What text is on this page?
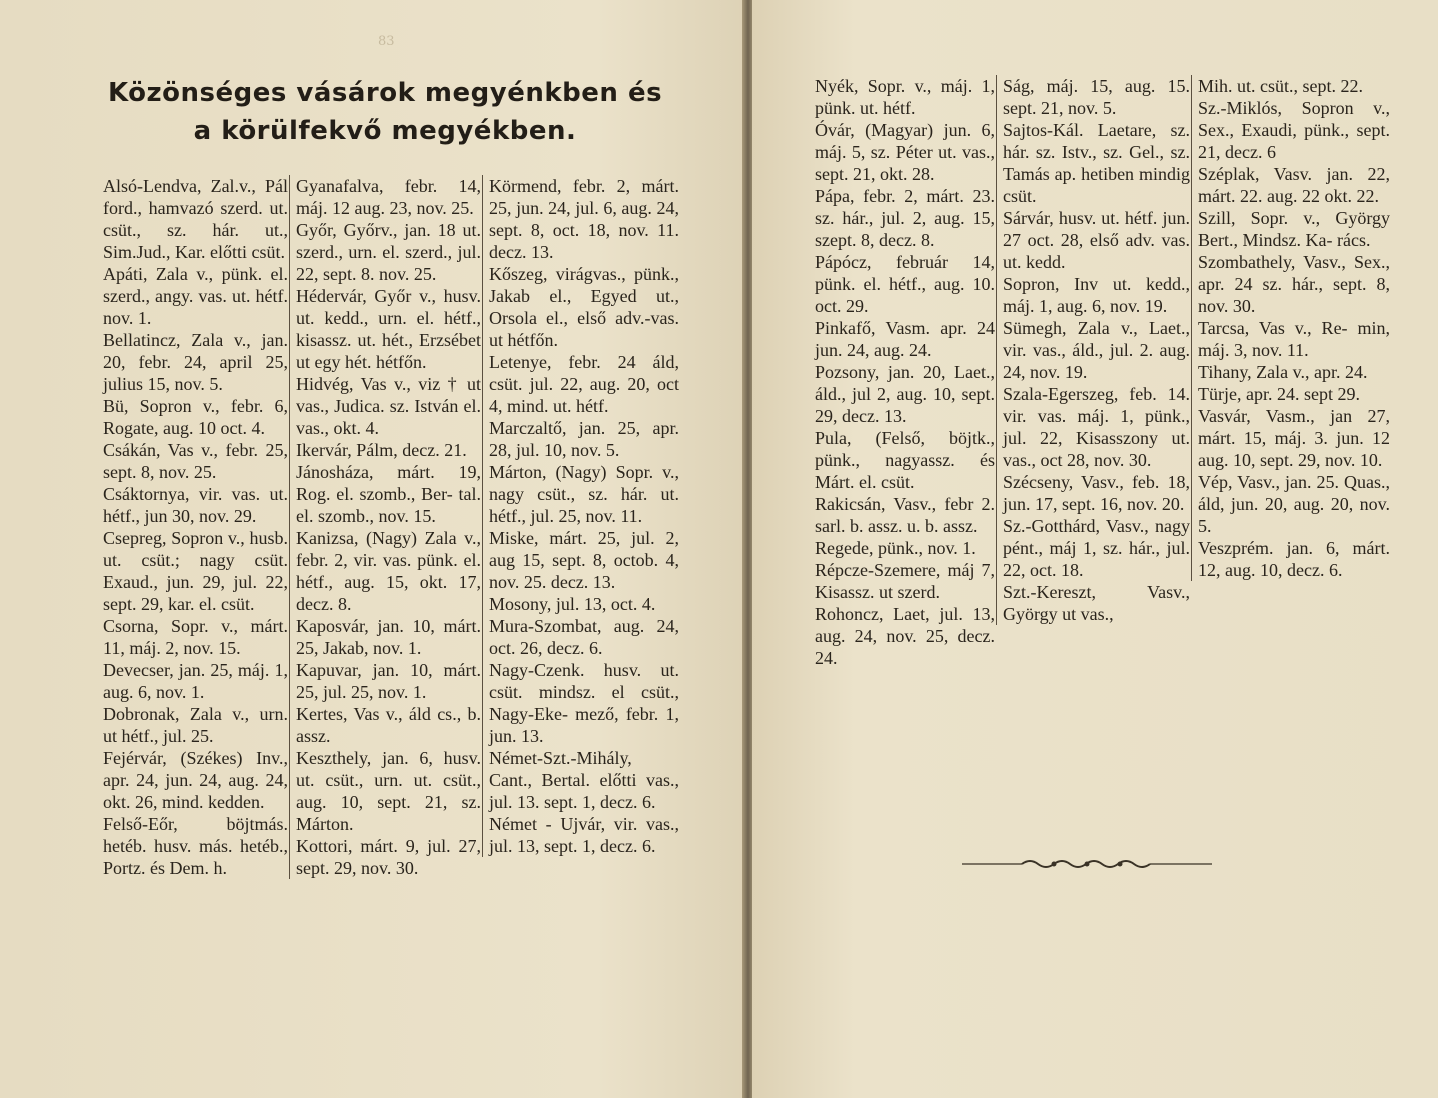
83
Közönséges vásárok megyénkben és a körülfekvő megyékben.

Alsó-Lendva, Zal.v., Pál ford., hamvazó szerd. ut. csüt., sz. hár. ut., Sim.Jud., Kar. előtti csüt.

Apáti, Zala v., pünk. el. szerd., angy. vas. ut. hétf. nov. 1.

Bellatincz, Zala v., jan. 20, febr. 24, april 25, julius 15, nov. 5.

Bü, Sopron v., febr. 6, Rogate, aug. 10 oct. 4.

Csákán, Vas v., febr. 25, sept. 8, nov. 25.

Csáktornya, vir. vas. ut. hétf., jun 30, nov. 29.

Csepreg, Sopron v., husb. ut. csüt.; nagy csüt. Exaud., jun. 29, jul. 22, sept. 29, kar. el. csüt.

Csorna, Sopr. v., márt. 11, máj. 2, nov. 15.

Devecser, jan. 25, máj. 1, aug. 6, nov. 1.

Dobronak, Zala v., urn. ut hétf., jul. 25.

Fejérvár, (Székes) Inv., apr. 24, jun. 24, aug. 24, okt. 26, mind. kedden.

Felső-Eőr, böjtmás. hetéb. husv. más. hetéb., Portz. és Dem. h.

Gyanafalva, febr. 14, máj. 12 aug. 23, nov. 25.

Győr, Győrv., jan. 18 ut. szerd., urn. el. szerd., jul. 22, sept. 8. nov. 25.

Hédervár, Győr v., husv. ut. kedd., urn. el. hétf., kisassz. ut. hét., Erzsébet ut egy hét. hétfőn.

Hidvég, Vas v., viz † ut vas., Judica. sz. István el. vas., okt. 4.

Ikervár, Pálm, decz. 21.

Jánosháza, márt. 19, Rog. el. szomb., Ber- tal. el. szomb., nov. 15.

Kanizsa, (Nagy) Zala v., febr. 2, vir. vas. pünk. el. hétf., aug. 15, okt. 17, decz. 8.

Kaposvár, jan. 10, márt. 25, Jakab, nov. 1.

Kapuvar, jan. 10, márt. 25, jul. 25, nov. 1.

Kertes, Vas v., áld cs., b. assz.

Keszthely, jan. 6, husv. ut. csüt., urn. ut. csüt., aug. 10, sept. 21, sz. Márton.

Kottori, márt. 9, jul. 27, sept. 29, nov. 30.

Körmend, febr. 2, márt. 25, jun. 24, jul. 6, aug. 24, sept. 8, oct. 18, nov. 11. decz. 13.

Kőszeg, virágvas., pünk., Jakab el., Egyed ut., Orsola el., első adv.-vas. ut hétfőn.

Letenye, febr. 24 áld, csüt. jul. 22, aug. 20, oct 4, mind. ut. hétf.

Marczaltő, jan. 25, apr. 28, jul. 10, nov. 5.

Márton, (Nagy) Sopr. v., nagy csüt., sz. hár. ut. hétf., jul. 25, nov. 11.

Miske, márt. 25, jul. 2, aug 15, sept. 8, octob. 4, nov. 25. decz. 13.

Mosony, jul. 13, oct. 4.

Mura-Szombat, aug. 24, oct. 26, decz. 6.

Nagy-Czenk. husv. ut. csüt. mindsz. el csüt., Nagy-Eke- mező, febr. 1, jun. 13.

Német-Szt.-Mihály, Cant., Bertal. előtti vas., jul. 13. sept. 1, decz. 6.

Német - Ujvár, vir. vas., jul. 13, sept. 1, decz. 6.

Nyék, Sopr. v., máj. 1, pünk. ut. hétf.

Óvár, (Magyar) jun. 6, máj. 5, sz. Péter ut. vas., sept. 21, okt. 28.

Pápa, febr. 2, márt. 23. sz. hár., jul. 2, aug. 15, szept. 8, decz. 8.

Pápócz, február 14, pünk. el. hétf., aug. 10. oct. 29.

Pinkafő, Vasm. apr. 24 jun. 24, aug. 24.

Pozsony, jan. 20, Laet., áld., jul 2, aug. 10, sept. 29, decz. 13.

Pula, (Felső, böjtk., pünk., nagyassz. és Márt. el. csüt.

Rakicsán, Vasv., febr 2. sarl. b. assz. u. b. assz.

Regede, pünk., nov. 1.

Répcze-Szemere, máj 7, Kisassz. ut szerd.

Rohoncz, Laet, jul. 13, aug. 24, nov. 25, decz. 24.

Ság, máj. 15, aug. 15. sept. 21, nov. 5.

Sajtos-Kál. Laetare, sz. hár. sz. Istv., sz. Gel., sz. Tamás ap. hetiben mindig csüt.

Sárvár, husv. ut. hétf. jun. 27 oct. 28, első adv. vas. ut. kedd.

Sopron, Inv ut. kedd., máj. 1, aug. 6, nov. 19.

Sümegh, Zala v., Laet., vir. vas., áld., jul. 2. aug. 24, nov. 19.

Szala-Egerszeg, feb. 14. vir. vas. máj. 1, pünk., jul. 22, Kisasszony ut. vas., oct 28, nov. 30.

Szécseny, Vasv., feb. 18, jun. 17, sept. 16, nov. 20.

Sz.-Gotthárd, Vasv., nagy pént., máj 1, sz. hár., jul. 22, oct. 18.

Szt.-Kereszt, Vasv., György ut vas.,

Mih. ut. csüt., sept. 22.

Sz.-Miklós, Sopron v., Sex., Exaudi, pünk., sept. 21, decz. 6

Széplak, Vasv. jan. 22, márt. 22. aug. 22 okt. 22.

Szill, Sopr. v., György Bert., Mindsz. Ka- rács.

Szombathely, Vasv., Sex., apr. 24 sz. hár., sept. 8, nov. 30.

Tarcsa, Vas v., Re- min, máj. 3, nov. 11.

Tihany, Zala v., apr. 24.

Türje, apr. 24. sept 29.

Vasvár, Vasm., jan 27, márt. 15, máj. 3. jun. 12 aug. 10, sept. 29, nov. 10.

Vép, Vasv., jan. 25. Quas., áld, jun. 20, aug. 20, nov. 5.

Veszprém. jan. 6, márt. 12, aug. 10, decz. 6.
